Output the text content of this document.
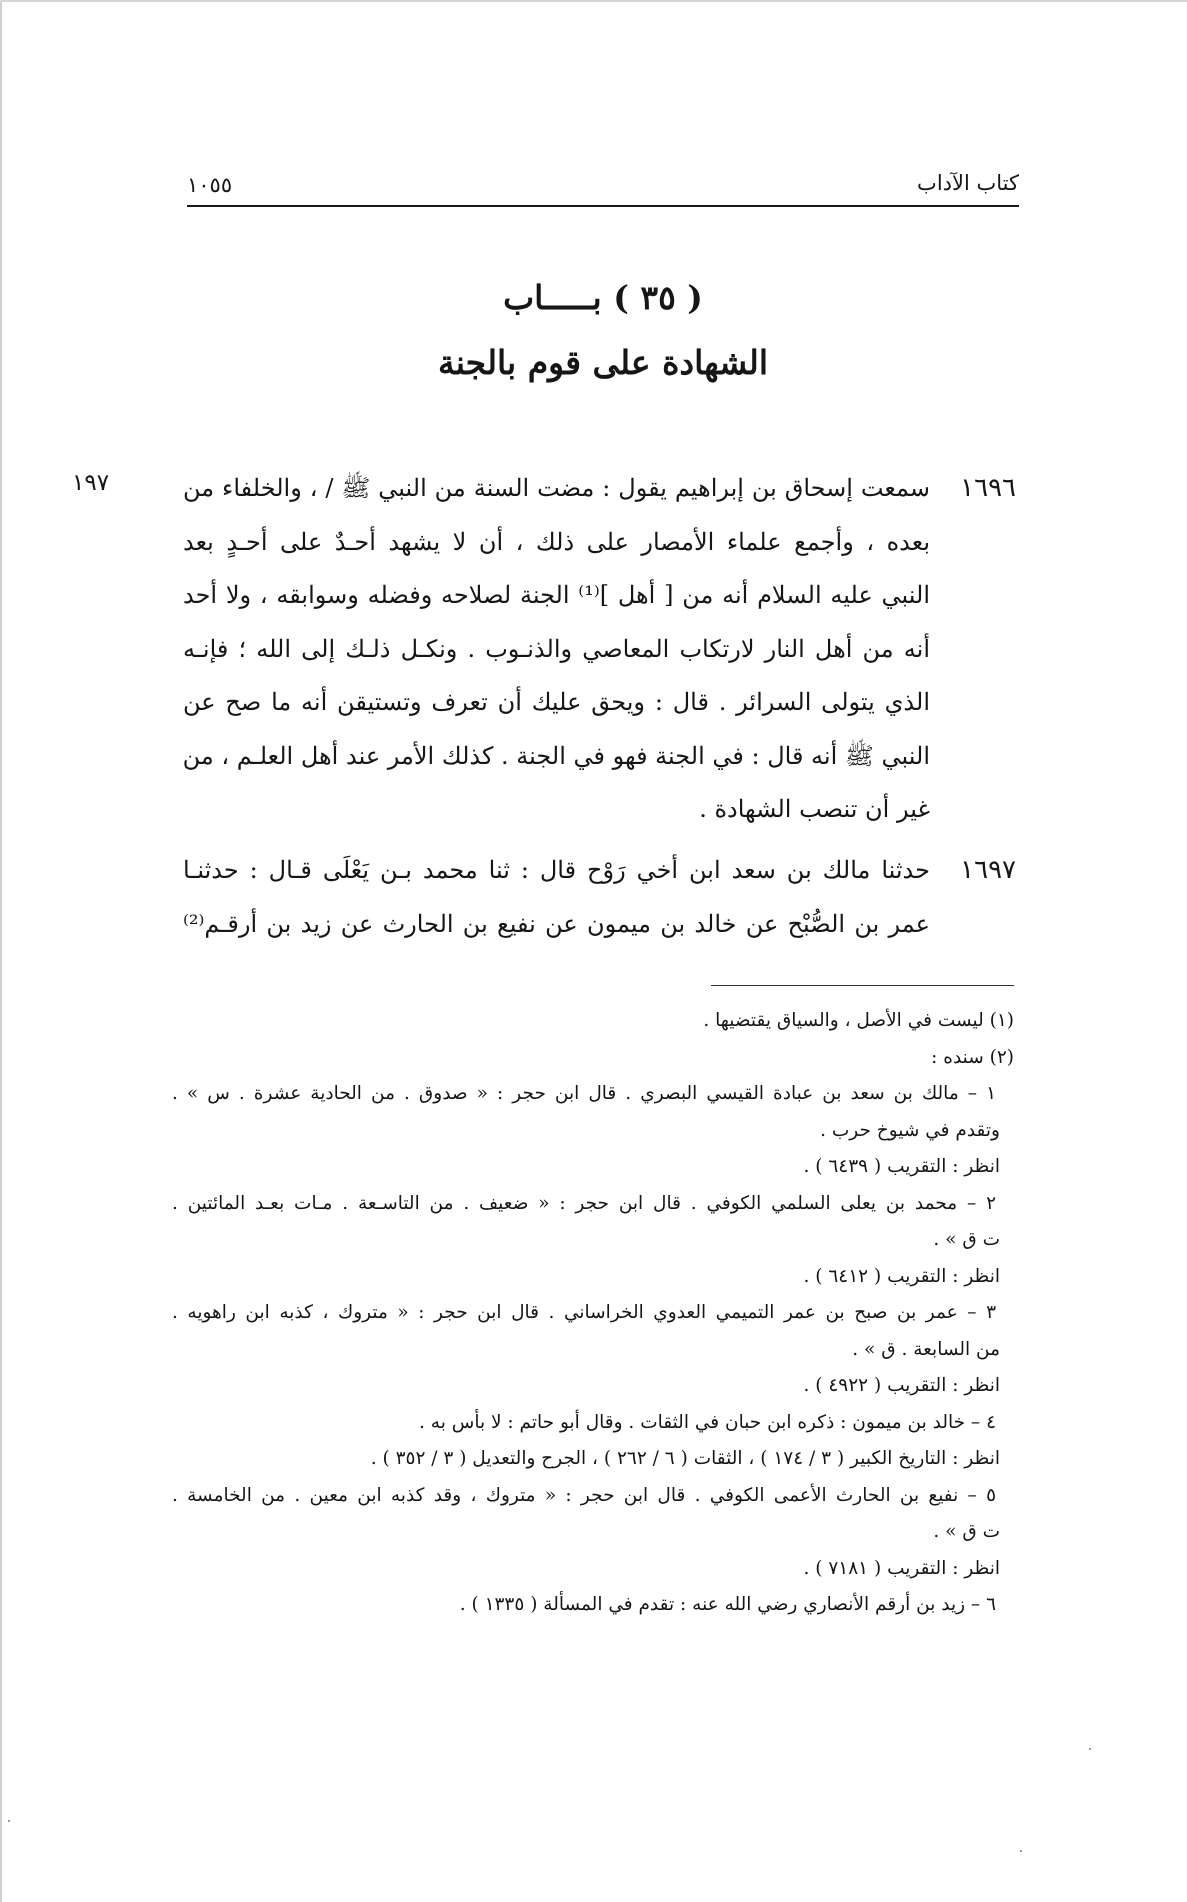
كتاب الآداب
١٠٥٥
( ٣٥ ) بـــــاب
الشهادة على قوم بالجنة
١٩٧	١٦٩٦
سمعت إسحاق بن إبراهيم يقول : مضت السنة من النبي ﷺ / ، والخلفاء من
بعده ، وأجمع علماء الأمصار على ذلك ، أن لا يشهد أحـدٌ على أحـدٍ بعد
النبي عليه السلام أنه من [ أهل ]⁽¹⁾ الجنة لصلاحه وفضله وسوابقه ، ولا أحد
أنه من أهل النار لارتكاب المعاصي والذنـوب . ونكـل ذلـك إلى الله ؛ فإنـه
الذي يتولى السرائر . قال : ويحق عليك أن تعرف وتستيقن أنه ما صح عن
النبي ﷺ أنه قال : في الجنة فهو في الجنة . كذلك الأمر عند أهل العلـم ، من
غير أن تنصب الشهادة .
١٦٩٧
حدثنا مالك بن سعد ابن أخي رَوْح قال : ثنا محمد بـن يَعْلَى قـال : حدثنـا
عمر بن الصُّبْح عن خالد بن ميمون عن نفيع بن الحارث عن زيد بن أرقـم⁽²⁾
(١) ليست في الأصل ، والسياق يقتضيها .
(٢) سنده :
١ – مالك بن سعد بن عبادة القيسي البصري . قال ابن حجر : « صدوق . من الحادية عشرة . س » .
وتقدم في شيوخ حرب .
انظر : التقريب ( ٦٤٣٩ ) .
٢ – محمد بن يعلى السلمي الكوفي . قال ابن حجر : « ضعيف . من التاسـعة . مـات بعـد المائتين .
ت ق » .
انظر : التقريب ( ٦٤١٢ ) .
٣ – عمر بن صبح بن عمر التميمي العدوي الخراساني . قال ابن حجر : « متروك ، كذبه ابن راهويه .
من السابعة . ق » .
انظر : التقريب ( ٤٩٢٢ ) .
٤ – خالد بن ميمون : ذكره ابن حبان في الثقات . وقال أبو حاتم : لا بأس به .
انظر : التاريخ الكبير ( ٣ / ١٧٤ ) ، الثقات ( ٦ / ٢٦٢ ) ، الجرح والتعديل ( ٣ / ٣٥٢ ) .
٥ – نفيع بن الحارث الأعمى الكوفي . قال ابن حجر : « متروك ، وقد كذبه ابن معين . من الخامسة .
ت ق » .
انظر : التقريب ( ٧١٨١ ) .
٦ – زيد بن أرقم الأنصاري رضي الله عنه : تقدم في المسألة ( ١٣٣٥ ) .
